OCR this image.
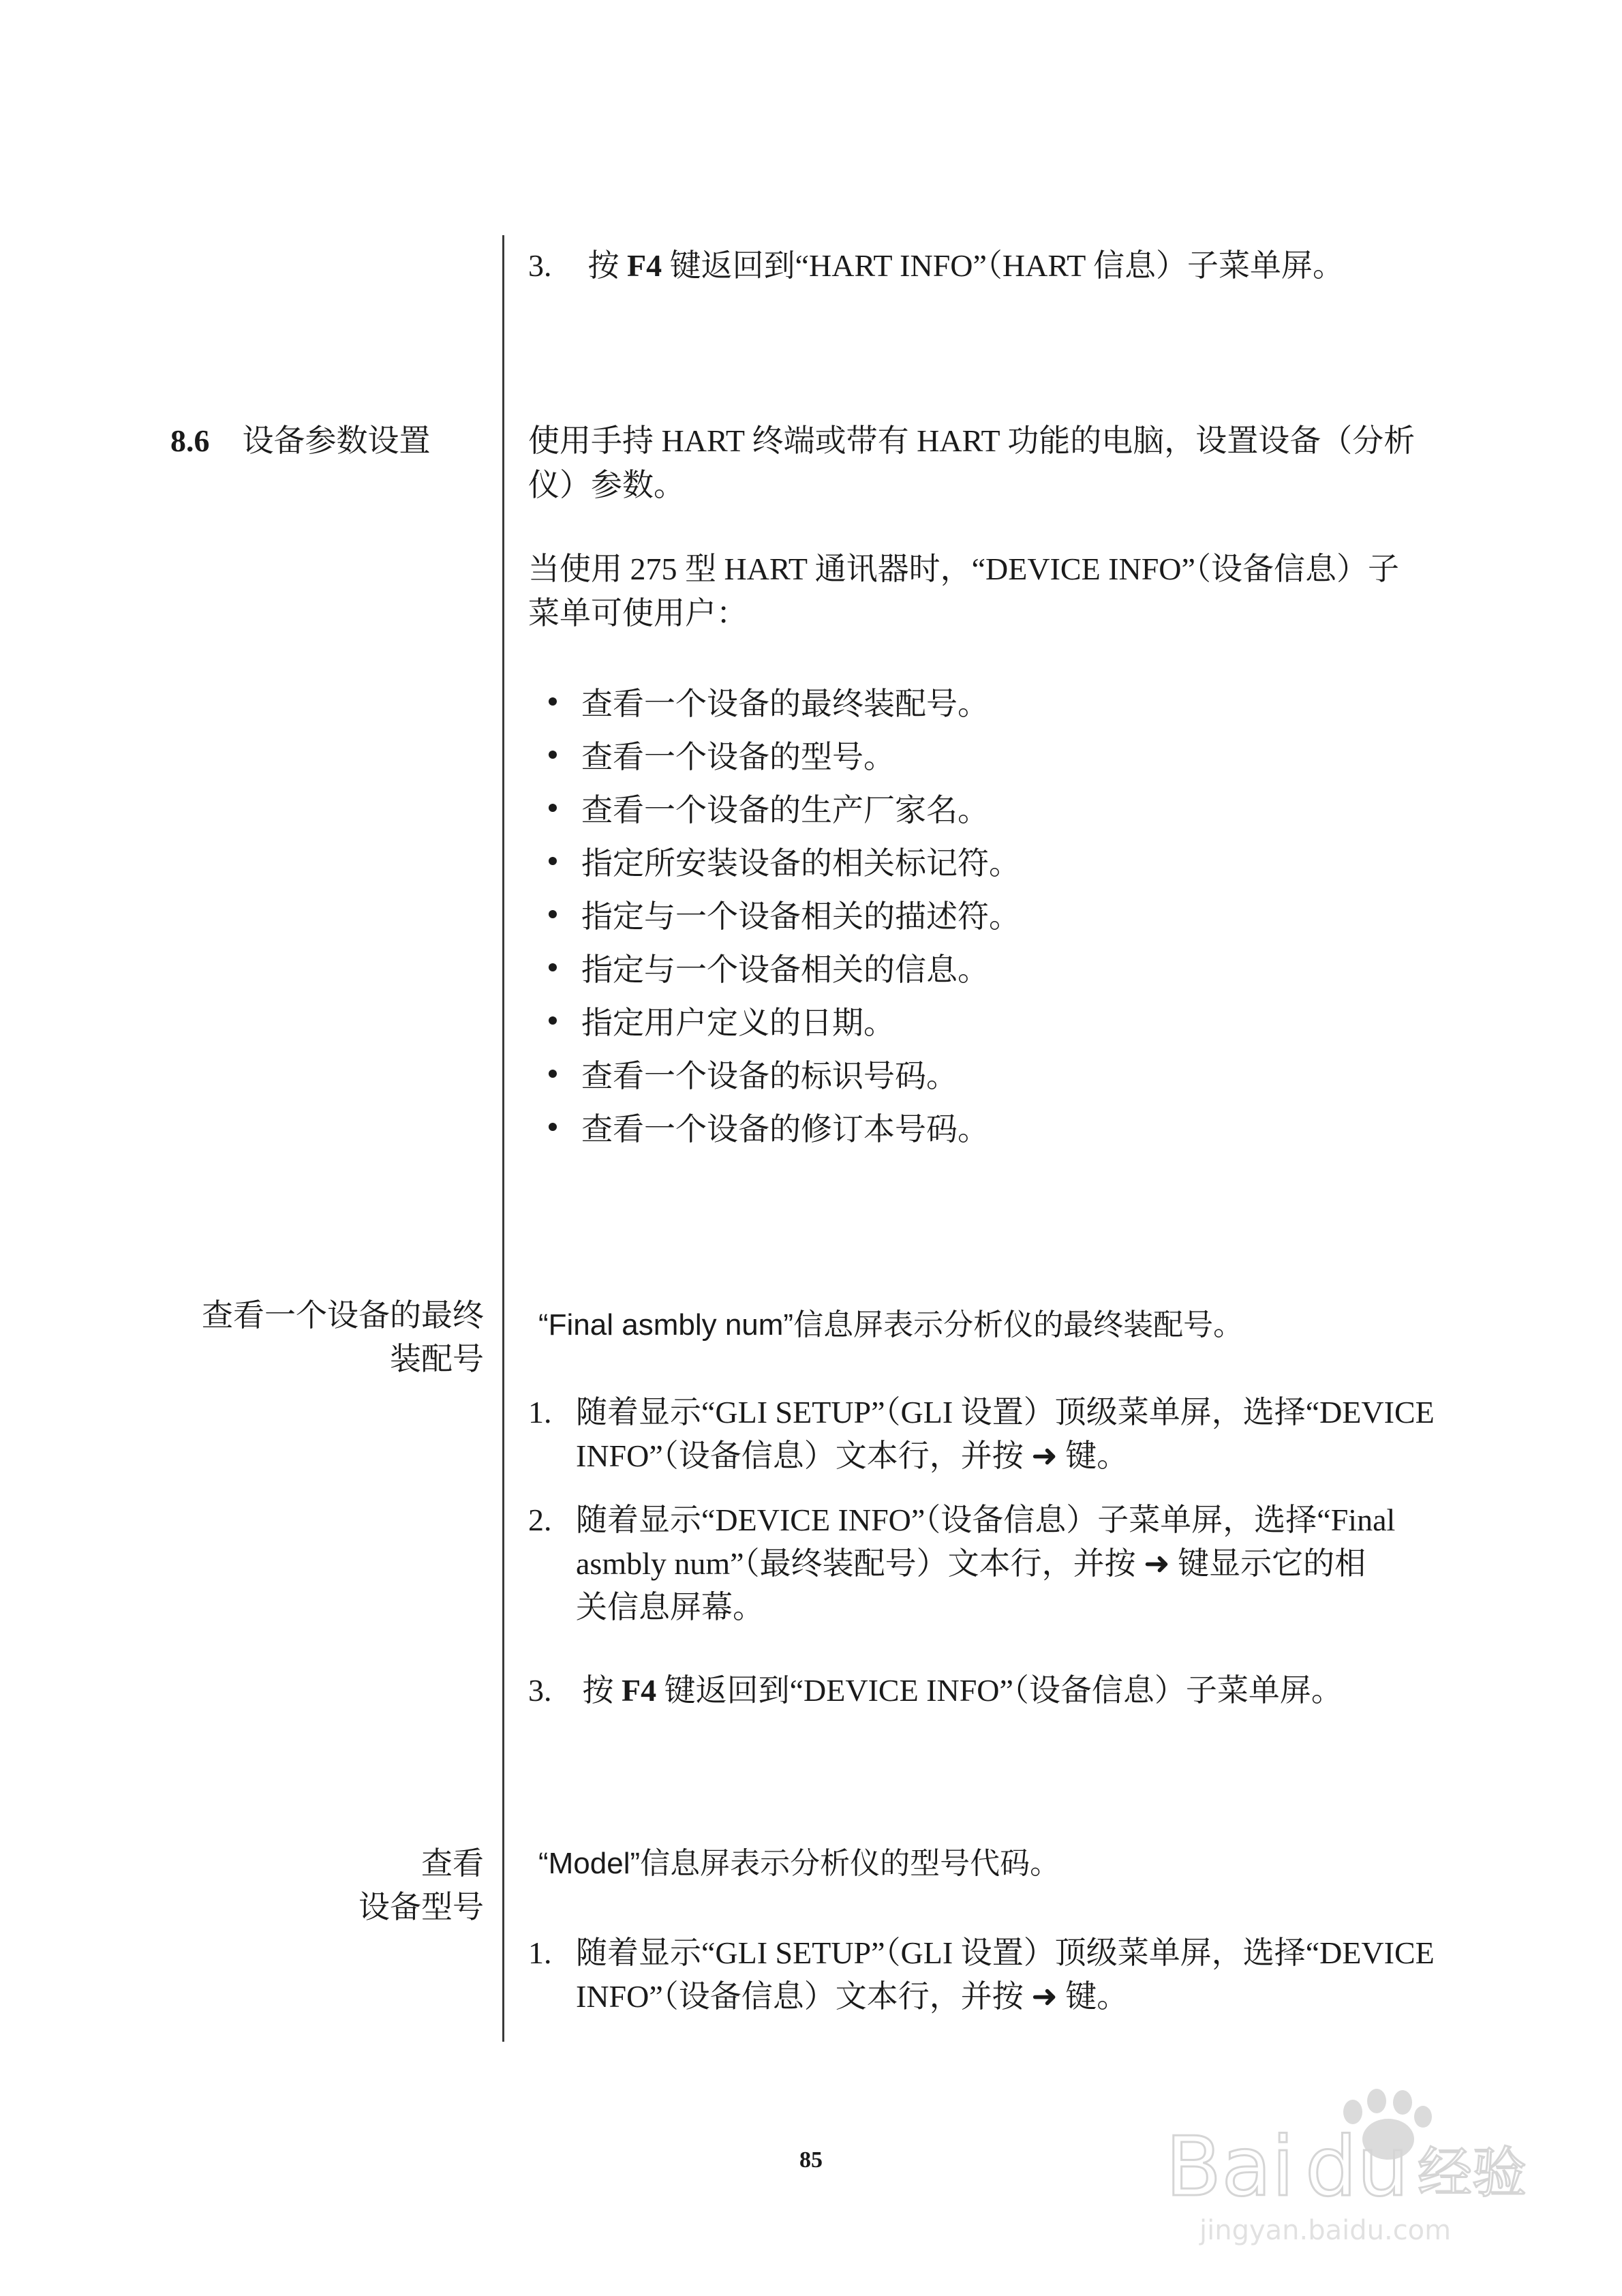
3. 按 F4 键返回到“HART INFO”（HART 信息）子菜单屏。
8.6 设备参数设置	使用手持 HART 终端或带有 HART 功能的电脑，设置设备（分析
仪）参数。
当使用 275 型 HART 通讯器时，“DEVICE INFO”（设备信息）子
菜单可使用户：
查看一个设备的最终装配号。
查看一个设备的型号。
查看一个设备的生产厂家名。
指定所安装设备的相关标记符。
指定与一个设备相关的描述符。
指定与一个设备相关的信息。
指定用户定义的日期。
查看一个设备的标识号码。
查看一个设备的修订本号码。
查看一个设备的最终
装配号
“Final asmbly num”信息屏表示分析仪的最终装配号。
1. 随着显示“GLI SETUP”（GLI 设置）顶级菜单屏，选择“DEVICE
INFO”（设备信息）文本行，并按 ➜ 键。
2. 随着显示“DEVICE INFO”（设备信息）子菜单屏，选择“Final
asmbly num”（最终装配号）文本行，并按 ➜ 键显示它的相
关信息屏幕。
3. 按 F4 键返回到“DEVICE INFO”（设备信息）子菜单屏。
查看
设备型号
“Model”信息屏表示分析仪的型号代码。
1. 随着显示“GLI SETUP”（GLI 设置）顶级菜单屏，选择“DEVICE
INFO”（设备信息）文本行，并按 ➜ 键。
85	Bai du 经验
jingyan.baidu.com
